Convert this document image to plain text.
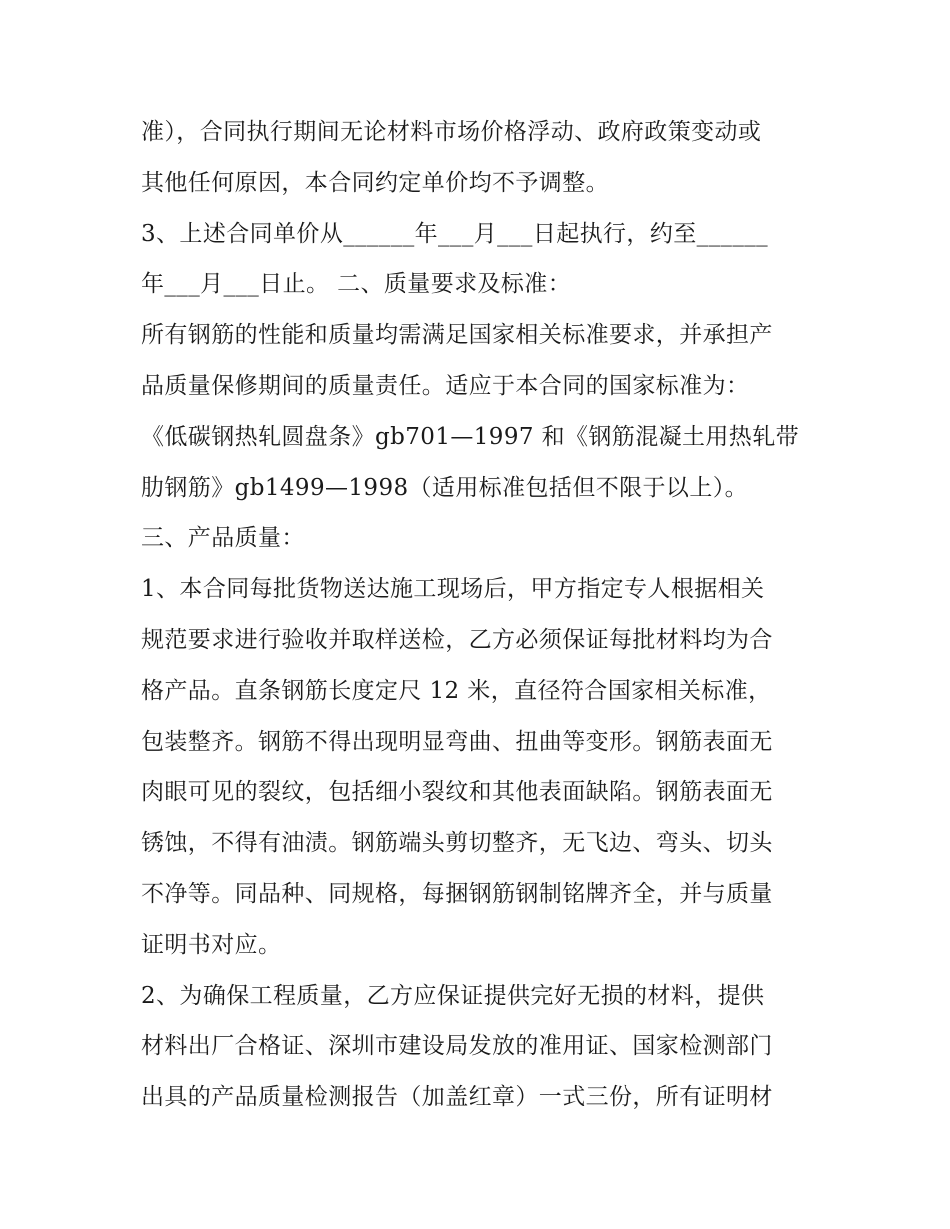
准），合同执行期间无论材料市场价格浮动、政府政策变动或
其他任何原因，本合同约定单价均不予调整。
3、上述合同单价从______年___月___日起执行，约至______
年___月___日止。 二、质量要求及标准：
所有钢筋的性能和质量均需满足国家相关标准要求，并承担产
品质量保修期间的质量责任。适应于本合同的国家标准为：
《低碳钢热轧圆盘条》gb701—1997 和《钢筋混凝土用热轧带
肋钢筋》gb1499—1998（适用标准包括但不限于以上）。
三、产品质量：
1、本合同每批货物送达施工现场后，甲方指定专人根据相关
规范要求进行验收并取样送检，乙方必须保证每批材料均为合
格产品。直条钢筋长度定尺 12 米，直径符合国家相关标准，
包装整齐。钢筋不得出现明显弯曲、扭曲等变形。钢筋表面无
肉眼可见的裂纹，包括细小裂纹和其他表面缺陷。钢筋表面无
锈蚀，不得有油渍。钢筋端头剪切整齐，无飞边、弯头、切头
不净等。同品种、同规格，每捆钢筋钢制铭牌齐全，并与质量
证明书对应。
2、为确保工程质量，乙方应保证提供完好无损的材料，提供
材料出厂合格证、深圳市建设局发放的准用证、国家检测部门
出具的产品质量检测报告（加盖红章）一式三份，所有证明材
